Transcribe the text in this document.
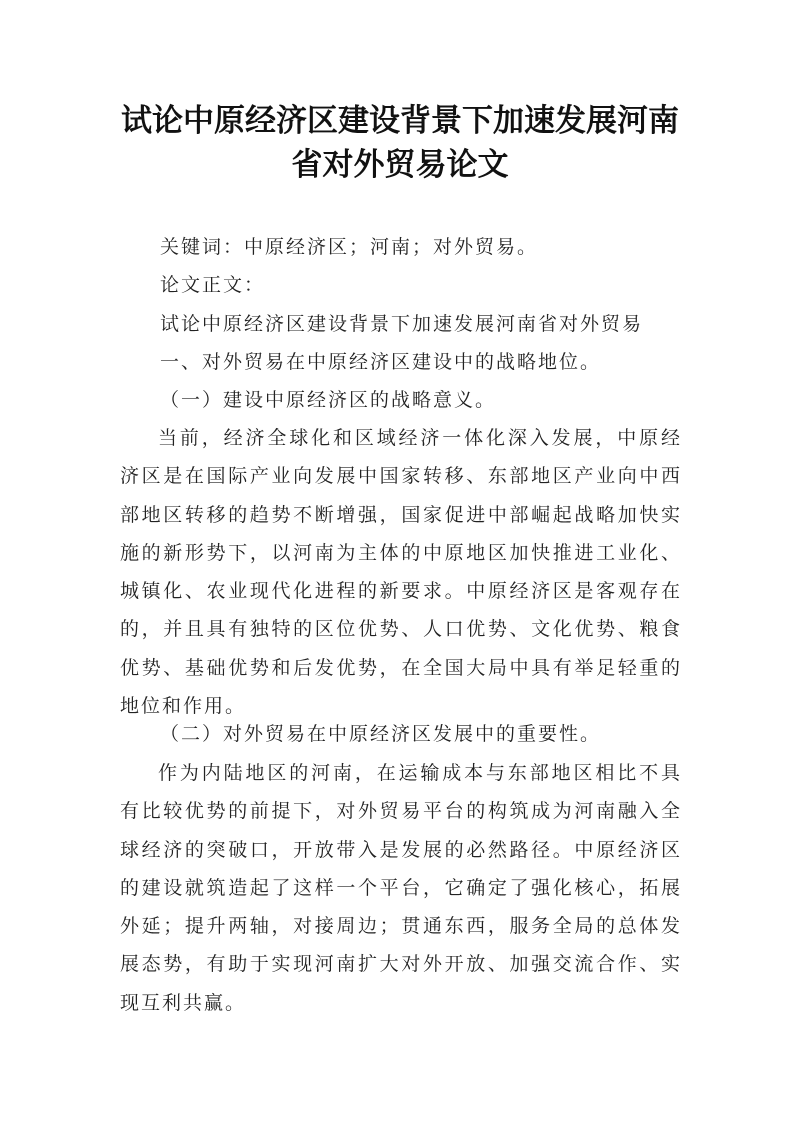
试论中原经济区建设背景下加速发展河南
省对外贸易论文
关键词：中原经济区；河南；对外贸易。
论文正文：
试论中原经济区建设背景下加速发展河南省对外贸易
一、对外贸易在中原经济区建设中的战略地位。
（一）建设中原经济区的战略意义。
当前，经济全球化和区域经济一体化深入发展，中原经济区是在国际产业向发展中国家转移、东部地区产业向中西部地区转移的趋势不断增强，国家促进中部崛起战略加快实施的新形势下，以河南为主体的中原地区加快推进工业化、城镇化、农业现代化进程的新要求。中原经济区是客观存在的，并且具有独特的区位优势、人口优势、文化优势、粮食优势、基础优势和后发优势，在全国大局中具有举足轻重的地位和作用。
（二）对外贸易在中原经济区发展中的重要性。
作为内陆地区的河南，在运输成本与东部地区相比不具有比较优势的前提下，对外贸易平台的构筑成为河南融入全球经济的突破口，开放带入是发展的必然路径。中原经济区的建设就筑造起了这样一个平台，它确定了强化核心，拓展外延；提升两轴，对接周边；贯通东西，服务全局的总体发展态势，有助于实现河南扩大对外开放、加强交流合作、实现互利共赢。
